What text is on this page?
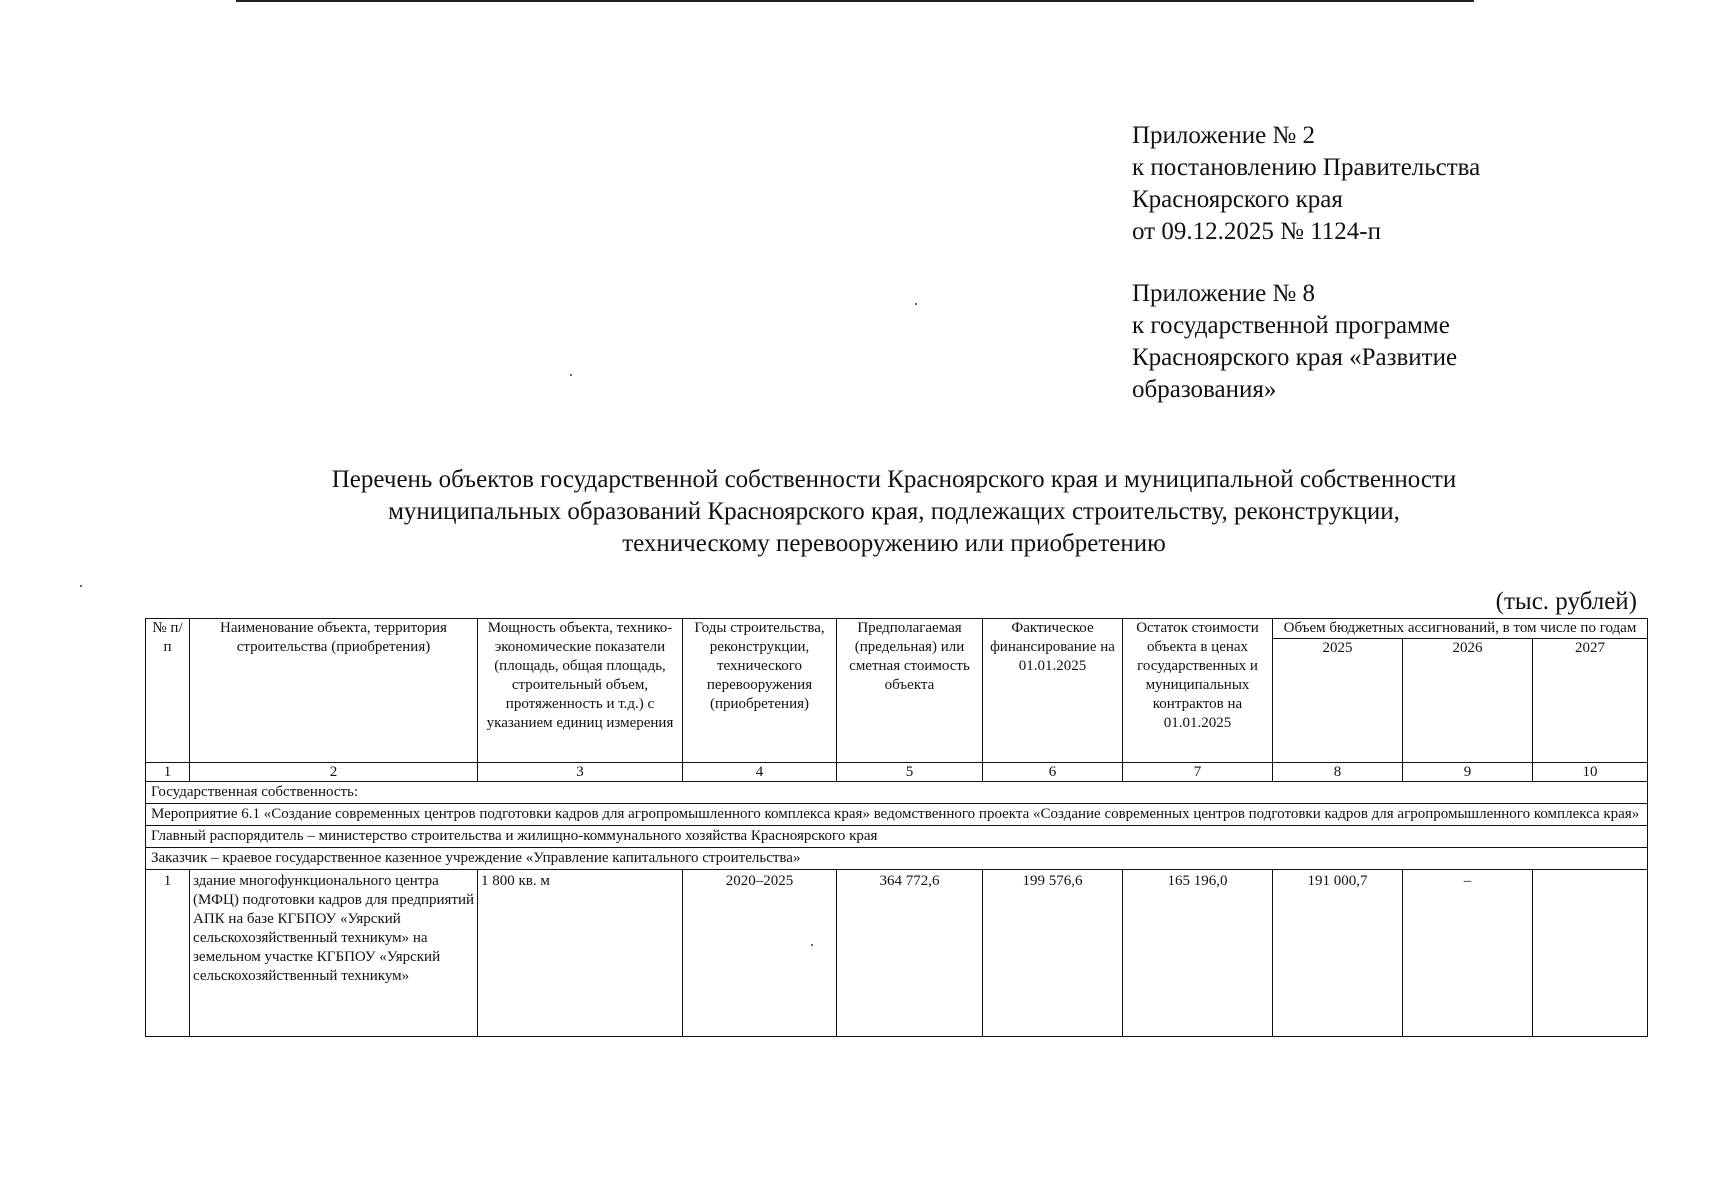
Приложение № 2
к постановлению Правительства
Красноярского края
от 09.12.2025 № 1124-п
Приложение № 8
к государственной программе
Красноярского края «Развитие
образования»
Перечень объектов государственной собственности Красноярского края и муниципальной собственности
муниципальных образований Красноярского края, подлежащих строительству, реконструкции,
техническому перевооружению или приобретению
(тыс. рублей)
№ п/п	Наименование объекта, территория строительства (приобретения)	Мощность объекта, технико-экономические показатели (площадь, общая площадь, строительный объем, протяженность и т.д.) с указанием единиц измерения	Годы строительства, реконструкции, технического перевооружения (приобретения)	Предполагаемая (предельная) или сметная стоимость объекта	Фактическое финансирование на 01.01.2025	Остаток стоимости объекта в ценах государственных и муниципальных контрактов на 01.01.2025	Объем бюджетных ассигнований, в том числе по годам		
							2025	2026	2027
1	2	3	4	5	6	7	8	9	10
Государственная собственность:									
Мероприятие 6.1 «Создание современных центров подготовки кадров для агропромышленного комплекса края» ведомственного проекта «Создание современных центров подготовки кадров для агропромышленного комплекса края»									
Главный распорядитель – министерство строительства и жилищно-коммунального хозяйства Красноярского края									
Заказчик – краевое государственное казенное учреждение «Управление капитального строительства»									
1	здание многофункционального центра (МФЦ) подготовки кадров для предприятий АПК на базе КГБПОУ «Уярский сельскохозяйственный техникум» на земельном участке КГБПОУ «Уярский сельскохозяйственный техникум»	1 800 кв. м	2020–2025	364 772,6	199 576,6	165 196,0	191 000,7	–	
